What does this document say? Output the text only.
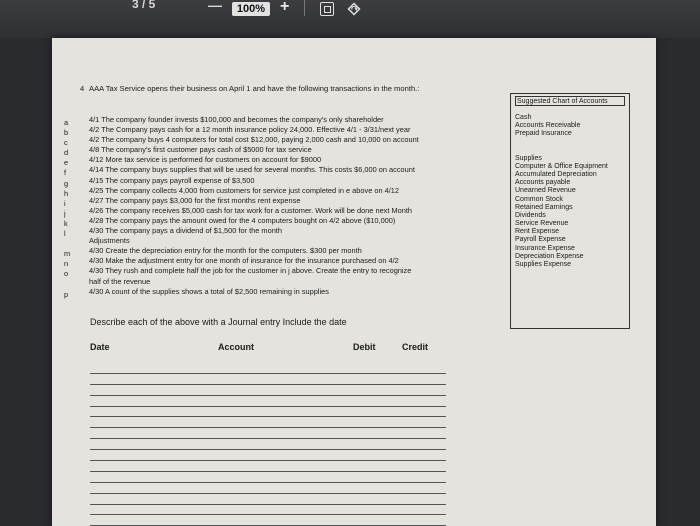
3 / 5	—	100% +
4 AAA Tax Service opens their business on April 1 and have the following transactions in the month.:
a
b
c
d
e
f
g
h
i
j
k
l
m
n
o
p
4/1 The company founder invests $100,000 and becomes the company's only shareholder
4/2 The Company pays cash for a 12 month insurance policy 24,000. Effective 4/1 - 3/31/next year
4/2 The company buys 4 computers for total cost $12,000, paying 2,000 cash and 10,000 on account
4/8 The company's first customer pays cash of $5000 for tax service
4/12 More tax service is performed for customers on account for $9000
4/14 The company buys supplies that will be used for several months. This costs $6,000 on account
4/15 The company pays payroll expense of $3,500
4/25 The company collects 4,000 from customers for service just completed in e above on 4/12
4/27 The company pays $3,000 for the first months rent expense
4/26 The company receives $5,000 cash for tax work for a customer. Work will be done next Month
4/28 The company pays the amount owed for the 4 computers bought on 4/2 above ($10,000)
4/30 The company pays a dividend of $1,500 for the month
Adjustments
4/30 Create the depreciation entry for the month for the computers. $300 per month
4/30 Make the adjustment entry for one month of insurance for the insurance purchased on 4/2
4/30 They rush and complete half the job for the customer in j above. Create the entry to recognize
half of the revenue
4/30 A count of the supplies shows a total of $2,500 remaining in supplies
Describe each of the above with a Journal entry Include the date
Date	Account	Debit	Credit
Suggested Chart of Accounts
Cash
Accounts Receivable
Prepaid Insurance
Supplies
Computer & Office Equipment
Accumulated Depreciation
Accounts payable
Unearned Revenue
Common Stock
Retained Earnings
Dividends
Service Revenue
Rent Expense
Payroll Expense
Insurance Expense
Depreciation Expense
Supplies Expense
